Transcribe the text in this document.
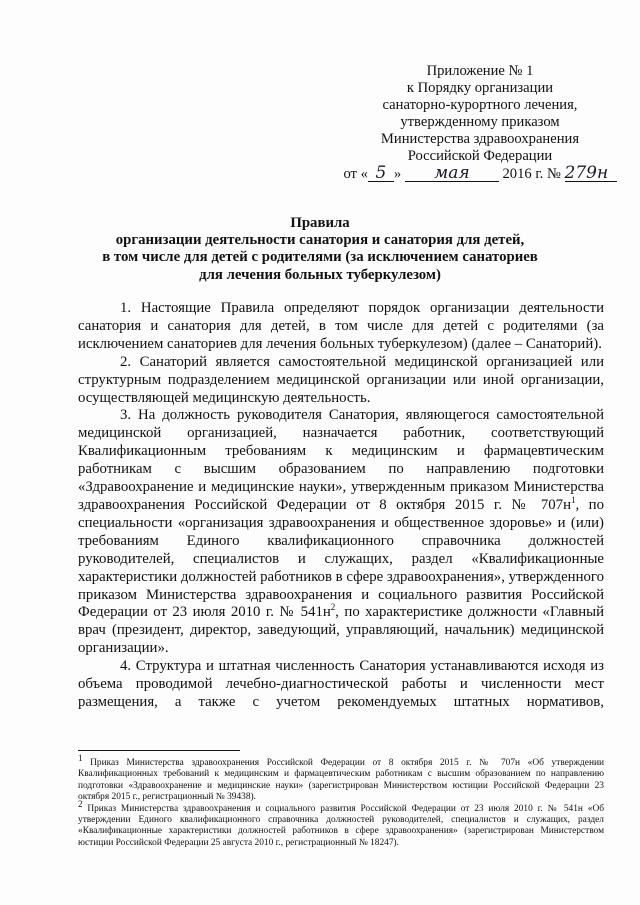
Приложение № 1
к Порядку организации
санаторно-курортного лечения,
утвержденному приказом
Министерства здравоохранения
Российской Федерации
от « 5 » мая 2016 г. № 279н
Правила
организации деятельности санатория и санатория для детей,
в том числе для детей с родителями (за исключением санаториев
для лечения больных туберкулезом)

1. Настоящие Правила определяют порядок организации деятельности санатория и санатория для детей, в том числе для детей с родителями (за исключением санаториев для лечения больных туберкулезом) (далее – Санаторий).

2. Санаторий является самостоятельной медицинской организацией или структурным подразделением медицинской организации или иной организации, осуществляющей медицинскую деятельность.

3. На должность руководителя Санатория, являющегося самостоятельной медицинской организацией, назначается работник, соответствующий Квалификационным требованиям к медицинским и фармацевтическим работникам с высшим образованием по направлению подготовки «Здравоохранение и медицинские науки», утвержденным приказом Министерства здравоохранения Российской Федерации от 8 октября 2015 г. № $707н^1$, по специальности «организация здравоохранения и общественное здоровье» и (или) требованиям Единого квалификационного справочника должностей руководителей, специалистов и служащих, раздел «Квалификационные характеристики должностей работников в сфере здравоохранения», утвержденного приказом Министерства здравоохранения и социального развития Российской Федерации от 23 июля 2010 г. № $541н^2$, по характеристике должности «Главный врач (президент, директор, заведующий, управляющий, начальник) медицинской организации».

4. Структура и штатная численность Санатория устанавливаются исходя из объема проводимой лечебно-диагностической работы и численности мест размещения, а также с учетом рекомендуемых штатных нормативов,

$^1$ Приказ Министерства здравоохранения Российской Федерации от 8 октября 2015 г. № 707н «Об утверждении Квалификационных требований к медицинским и фармацевтическим работникам с высшим образованием по направлению подготовки «Здравоохранение и медицинские науки» (зарегистрирован Министерством юстиции Российской Федерации 23 октября 2015 г., регистрационный № 39438).

$^2$ Приказ Министерства здравоохранения и социального развития Российской Федерации от 23 июля 2010 г. № 541н «Об утверждении Единого квалификационного справочника должностей руководителей, специалистов и служащих, раздел «Квалификационные характеристики должностей работников в сфере здравоохранения» (зарегистрирован Министерством юстиции Российской Федерации 25 августа 2010 г., регистрационный № 18247).
